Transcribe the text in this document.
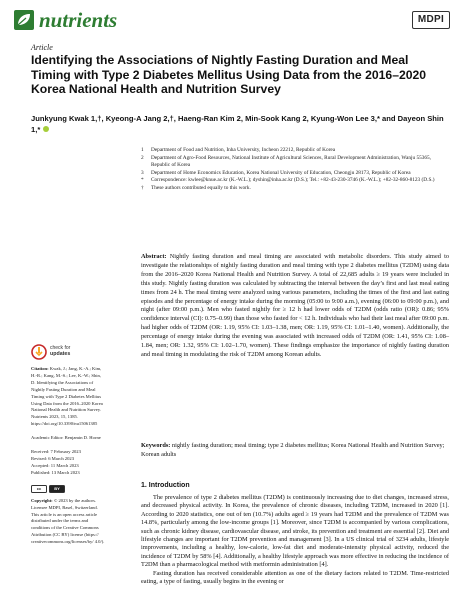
nutrients	MDPI
Article
Identifying the Associations of Nightly Fasting Duration and Meal Timing with Type 2 Diabetes Mellitus Using Data from the 2016–2020 Korea National Health and Nutrition Survey
Junkyung Kwak 1,†, Kyeong-A Jang 2,†, Haeng-Ran Kim 2, Min-Sook Kang 2, Kyung-Won Lee 3,* and Dayeon Shin 1,*
1	Department of Food and Nutrition, Inha University, Incheon 22212, Republic of Korea
2	Department of Agro-Food Resources, National Institute of Agricultural Sciences, Rural Development Administration, Wanju 55365, Republic of Korea
3	Department of Home Economics Education, Korea National University of Education, Cheongju 28173, Republic of Korea
*	Correspondence: kwlee@knue.ac.kr (K.-W.L.); dyshin@inha.ac.kr (D.S.); Tel.: +82-43-230-3746 (K.-W.L.); +82-32-860-8123 (D.S.)
†	These authors contributed equally to this work.
Abstract: Nightly fasting duration and meal timing are associated with metabolic disorders. This study aimed to investigate the relationships of nightly fasting duration and meal timing with type 2 diabetes mellitus (T2DM) using data from the 2016–2020 Korea National Health and Nutrition Survey. A total of 22,685 adults ≥ 19 years were included in this study. Nightly fasting duration was calculated by subtracting the interval between the day’s first and last meal eating times from 24 h. The meal timing were analyzed using various parameters, including the times of the first and last eating episodes and the percentage of energy intake during the morning (05:00 to 9:00 a.m.), evening (06:00 to 09:00 p.m.), and night (after 09:00 p.m.). Men who fasted nightly for ≥ 12 h had lower odds of T2DM (odds ratio (OR): 0.86; 95% confidence interval (CI): 0.75–0.99) than those who fasted for < 12 h. Individuals who had their last meal after 09:00 p.m. had higher odds of T2DM (OR: 1.19, 95% CI: 1.03–1.38, men; OR: 1.19, 95% CI: 1.01–1.40, women). Additionally, the percentage of energy intake during the evening was associated with increased odds of T2DM (OR: 1.41, 95% CI: 1.08–1.84, men; OR: 1.32, 95% CI: 1.02–1.70, women). These findings emphasize the importance of nightly fasting duration and meal timing in modulating the risk of T2DM among Korean adults.
Keywords: nightly fasting duration; meal timing; type 2 diabetes mellitus; Korea National Health and Nutrition Survey; Korean adults
1. Introduction

The prevalence of type 2 diabetes mellitus (T2DM) is continuously increasing due to diet changes, increased stress, and decreased physical activity. In Korea, the prevalence of chronic diseases, including T2DM, increased in 2020 [1]. According to 2020 statistics, one out of ten (10.7%) adults aged ≥ 19 years had T2DM and the prevalence of T2DM was 14.8%, particularly among the low-income groups [1]. Moreover, since T2DM is accompanied by various complications, such as chronic kidney disease, cardiovascular disease, and stroke, its prevention and treatment are essential [2]. Diet and lifestyle changes are important for T2DM prevention and management [3]. In a US clinical trial of 3234 adults, lifestyle improvements, including a healthy, low-calorie, low-fat diet and moderate-intensity physical activity, reduced the incidence of T2DM by 58% [4]. Additionally, a healthy lifestyle approach was more effective in reducing the incidence of T2DM than a pharmacological method with metformin administration [4].

Fasting duration has received considerable attention as one of the dietary factors related to T2DM. Time-restricted eating, a type of fasting, usually begins in the evening or

check for
updates
Citation: Kwak, J.; Jang, K.-A.; Kim, H.-R.; Kang, M.-S.; Lee, K.-W.; Shin, D. Identifying the Associations of Nightly Fasting Duration and Meal Timing with Type 2 Diabetes Mellitus Using Data from the 2016–2020 Korea National Health and Nutrition Survey. Nutrients 2023, 15, 1385. https://doi.org/10.3390/nu15061385
Academic Editor: Benjamin D. Horne
Received: 7 February 2023
Revised: 6 March 2023
Accepted: 11 March 2023
Published: 13 March 2023
cc	BY
Copyright: © 2023 by the authors. Licensee MDPI, Basel, Switzerland. This article is an open access article distributed under the terms and conditions of the Creative Commons Attribution (CC BY) license (https:// creativecommons.org/licenses/by/ 4.0/).
